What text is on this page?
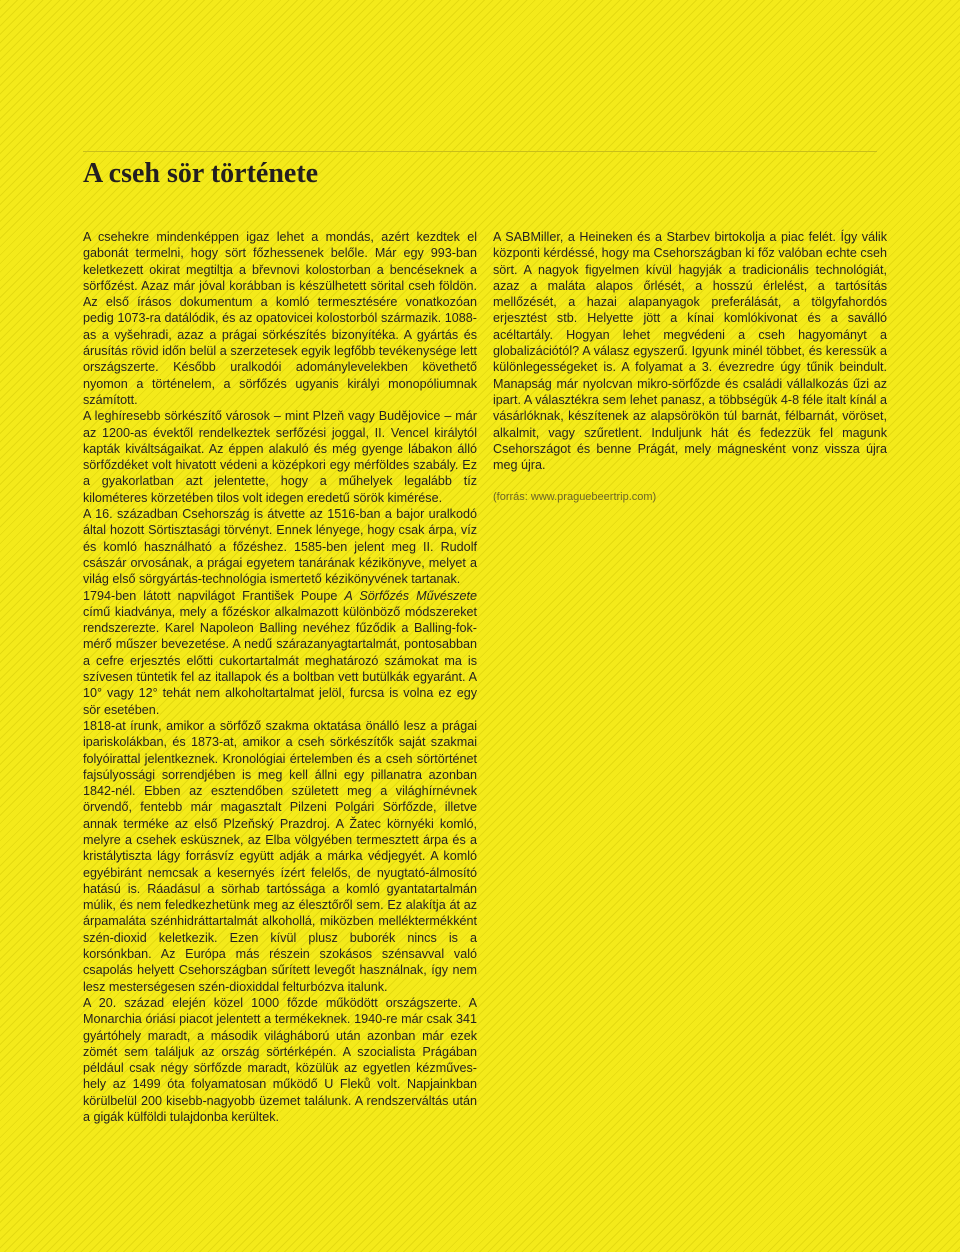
A cseh sör története

A csehekre mindenképpen igaz lehet a mondás, azért kezdtek el gabonát termelni, hogy sört főzhessenek belőle. Már egy 993-ban keletkezett okirat megtiltja a břevnovi kolostorban a bencéseknek a sörfőzést. Azaz már jóval korábban is készülhetett sörital cseh földön. Az első írásos dokumentum a komló termesztésére vonatkozóan pedig 1073-ra datálódik, és az opatovicei kolostorból származik. 1088-as a vyšehradi, azaz a prágai sörkészítés bizonyítéka. A gyártás és árusítás rövid időn belül a szerzetesek egyik legfőbb tevékenysége lett országszerte. Később uralkodói adománylevelekben követhető nyomon a történelem, a sörfőzés ugyanis királyi monopóliumnak számított.

A leghíresebb sörkészítő városok – mint Plzeň vagy Budějovice – már az 1200-as évektől rendelkeztek serfőzési joggal, II. Vencel királytól kapták kiváltságaikat. Az éppen alakuló és még gyenge lábakon álló sörfőzdéket volt hivatott védeni a középkori egy mérföldes szabály. Ez a gyakorlatban azt jelentette, hogy a műhelyek legalább tíz kilométeres körzetében tilos volt idegen eredetű sörök kimérése.

A 16. században Csehország is átvette az 1516-ban a bajor uralkodó által hozott Sörtisztasági törvényt. Ennek lényege, hogy csak árpa, víz és komló használható a főzéshez. 1585-ben jelent meg II. Rudolf császár orvosának, a prágai egyetem tanárának kézikönyve, melyet a világ első sörgyártás-technológia ismertető kézikönyvének tartanak.

1794-ben látott napvilágot František Poupe A Sörfőzés Művészete című kiadványa, mely a főzéskor alkalmazott különböző módszereket rendszerezte. Karel Napoleon Balling nevéhez fűződik a Balling-fok-mérő műszer bevezetése. A nedű szárazanyagtartalmát, pontosabban a cefre erjesztés előtti cukortartalmát meghatározó számokat ma is szívesen tüntetik fel az itallapok és a boltban vett butülkák egyaránt. A 10° vagy 12° tehát nem alkoholtartalmat jelöl, furcsa is volna ez egy sör esetében.

1818-at írunk, amikor a sörfőző szakma oktatása önálló lesz a prágai ipariskolákban, és 1873-at, amikor a cseh sörkészítők saját szakmai folyóirattal jelentkeznek. Kronológiai értelemben és a cseh sörtörténet fajsúlyossági sorrendjében is meg kell állni egy pillanatra azonban 1842-nél. Ebben az esztendőben született meg a világhírnévnek örvendő, fentebb már magasztalt Pilzeni Polgári Sörfőzde, illetve annak terméke az első Plzeňský Prazdroj. A Žatec környéki komló, melyre a csehek esküsznek, az Elba völgyében termesztett árpa és a kristálytiszta lágy forrásvíz együtt adják a márka védjegyét. A komló egyébiránt nemcsak a kesernyés ízért felelős, de nyugtató-álmosító hatású is. Ráadásul a sörhab tartóssága a komló gyantatartalmán múlik, és nem feledkezhetünk meg az élesztőről sem. Ez alakítja át az árpamaláta szénhidráttartalmát alkohollá, miközben melléktermékként szén-dioxid keletkezik. Ezen kívül plusz buborék nincs is a korsónkban. Az Európa más részein szokásos szénsavval való csapolás helyett Csehországban sűrített levegőt használnak, így nem lesz mesterségesen szén-dioxiddal felturbózva italunk.

A 20. század elején közel 1000 főzde működött országszerte. A Monarchia óriási piacot jelentett a termékeknek. 1940-re már csak 341 gyártóhely maradt, a második világháború után azonban már ezek zömét sem találjuk az ország sörtérképén. A szocialista Prágában például csak négy sörfőzde maradt, közülük az egyetlen kézműves-hely az 1499 óta folyamatosan működő U Fleků volt. Napjainkban körülbelül 200 kisebb-nagyobb üzemet találunk. A rendszerváltás után a gigák külföldi tulajdonba kerültek.

A SABMiller, a Heineken és a Starbev birtokolja a piac felét. Így válik központi kérdéssé, hogy ma Csehországban ki főz valóban echte cseh sört. A nagyok figyelmen kívül hagyják a tradicionális technológiát, azaz a maláta alapos őrlését, a hosszú érlelést, a tartósítás mellőzését, a hazai alapanyagok preferálását, a tölgyfahordós erjesztést stb. Helyette jött a kínai komlókivonat és a saválló acéltartály. Hogyan lehet megvédeni a cseh hagyományt a globalizációtól? A válasz egyszerű. Igyunk minél többet, és keressük a különlegességeket is. A folyamat a 3. évezredre úgy tűnik beindult. Manapság már nyolcvan mikro-sörfőzde és családi vállalkozás űzi az ipart. A választékra sem lehet panasz, a többségük 4-8 féle italt kínál a vásárlóknak, készítenek az alapsörökön túl barnát, félbarnát, vöröset, alkalmit, vagy szűretlent. Induljunk hát és fedezzük fel magunk Csehországot és benne Prágát, mely mágnesként vonz vissza újra meg újra.

(forrás: www.praguebeertrip.com)
